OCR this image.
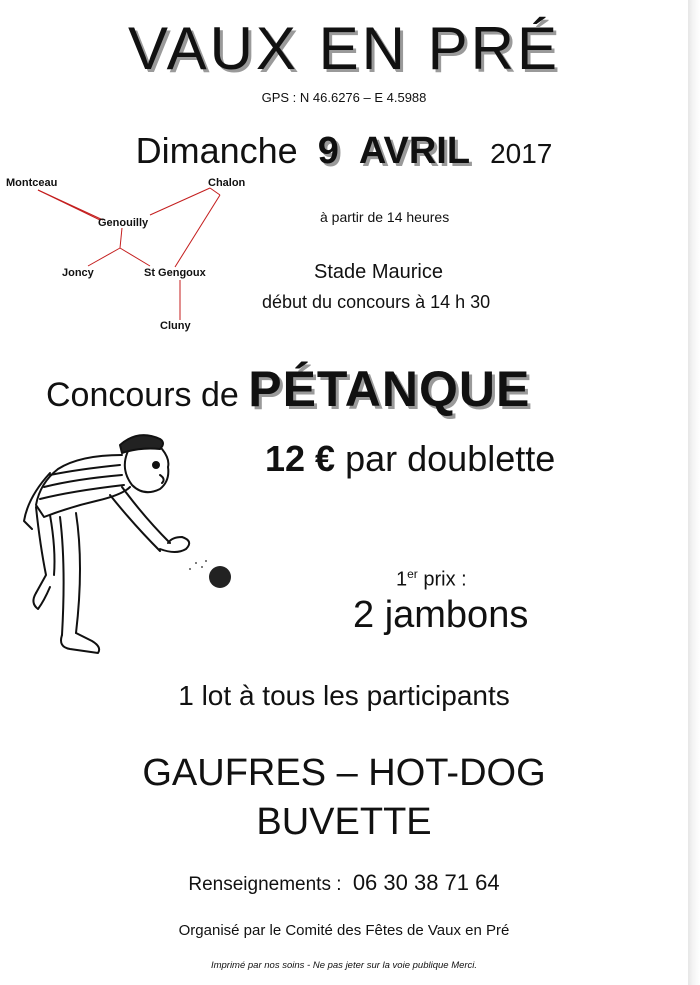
VAUX EN PRÉ
GPS : N 46.6276 – E 4.5988
Dimanche 9 AVRIL 2017
Montceau	Chalon
Genouilly
Joncy	St Gengoux
Cluny
à partir de 14 heures
Stade Maurice
début du concours à 14 h 30
Concours de PÉTANQUE
12 € par doublette
1er prix :
2 jambons
1 lot à tous les participants
GAUFRES – HOT-DOG
BUVETTE
Renseignements : 06 30 38 71 64
Organisé par le Comité des Fêtes de Vaux en Pré
Imprimé par nos soins - Ne pas jeter sur la voie publique Merci.
